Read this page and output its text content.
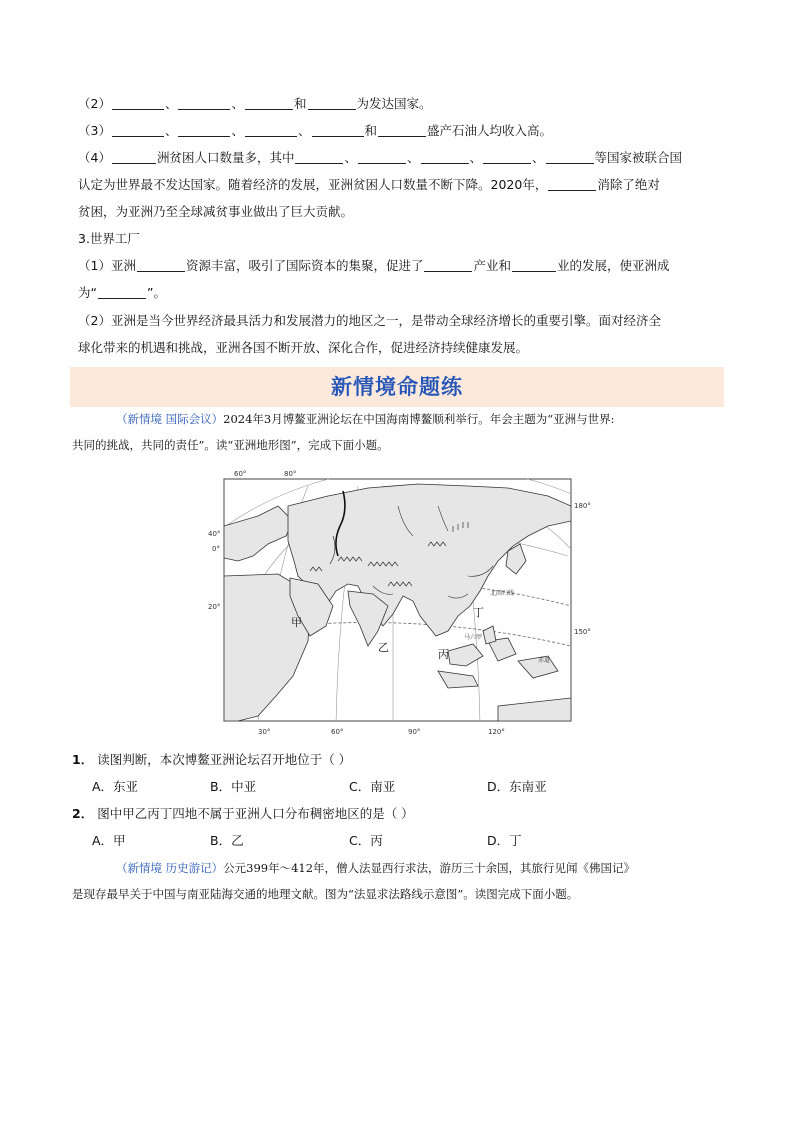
（2）	、	、	和	为发达国家。
（3）	、	、	、	和	盛产石油人均收入高。
（4）	洲贫困人口数量多，其中	、	、	、	、	等国家被联合国
认定为世界最不发达国家。随着经济的发展，亚洲贫困人口数量不断下降。2020年，	消除了绝对
贫困，为亚洲乃至全球减贫事业做出了巨大贡献。
3.世界工厂
（1）亚洲	资源丰富，吸引了国际资本的集聚，促进了	产业和	业的发展，使亚洲成
为“	”。
（2）亚洲是当今世界经济最具活力和发展潜力的地区之一，是带动全球经济增长的重要引擎。面对经济全
球化带来的机遇和挑战，亚洲各国不断开放、深化合作，促进经济持续健康发展。
新情境命题练
（新情境 国际会议）2024年3月博鳌亚洲论坛在中国海南博鳌顺利举行。年会主题为“亚洲与世界:
共同的挑战，共同的责任”。读“亚洲地形图”，完成下面小题。
60°	80°
30°	60°	90°	120°
40°
0°
20°
180°
150°
北回归线
赤道
马六甲
甲
乙
丙
丁
1． 读图判断，本次博鳌亚洲论坛召开地位于（ ）
A．东亚	B．中亚	C．南亚	D．东南亚
2． 图中甲乙丙丁四地不属于亚洲人口分布稠密地区的是（ ）
A．甲	B．乙	C．丙	D．丁
（新情境 历史游记）公元399年～412年，僧人法显西行求法，游历三十余国，其旅行见闻《佛国记》
是现存最早关于中国与南亚陆海交通的地理文献。图为“法显求法路线示意图”。读图完成下面小题。
